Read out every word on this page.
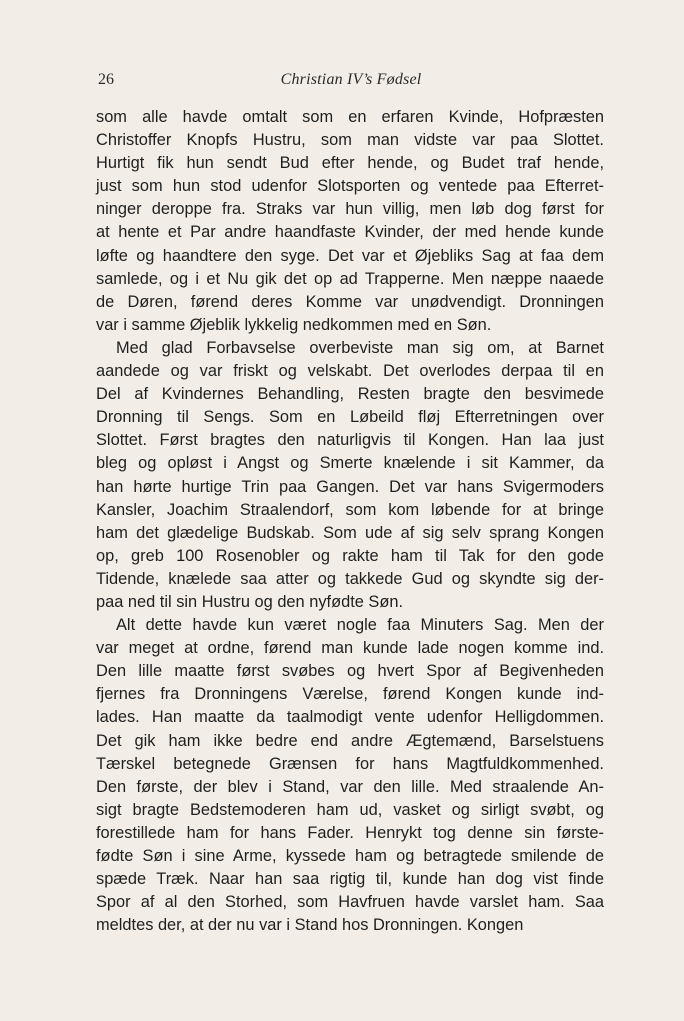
26	Christian IV’s Fødsel
som alle havde omtalt som en erfaren Kvinde, Hofpræsten
Christoffer Knopfs Hustru, som man vidste var paa Slottet.
Hurtigt fik hun sendt Bud efter hende, og Budet traf hende,
just som hun stod udenfor Slotsporten og ventede paa Efterret-
ninger deroppe fra. Straks var hun villig, men løb dog først for
at hente et Par andre haandfaste Kvinder, der med hende kunde
løfte og haandtere den syge. Det var et Øjebliks Sag at faa dem
samlede, og i et Nu gik det op ad Trapperne. Men næppe naaede
de Døren, førend deres Komme var unødvendigt. Dronningen
var i samme Øjeblik lykkelig nedkommen med en Søn.
Med glad Forbavselse overbeviste man sig om, at Barnet
aandede og var friskt og velskabt. Det overlodes derpaa til en
Del af Kvindernes Behandling, Resten bragte den besvimede
Dronning til Sengs. Som en Løbeild fløj Efterretningen over
Slottet. Først bragtes den naturligvis til Kongen. Han laa just
bleg og opløst i Angst og Smerte knælende i sit Kammer, da
han hørte hurtige Trin paa Gangen. Det var hans Svigermoders
Kansler, Joachim Straalendorf, som kom løbende for at bringe
ham det glædelige Budskab. Som ude af sig selv sprang Kongen
op, greb 100 Rosenobler og rakte ham til Tak for den gode
Tidende, knælede saa atter og takkede Gud og skyndte sig der-
paa ned til sin Hustru og den nyfødte Søn.
Alt dette havde kun været nogle faa Minuters Sag. Men der
var meget at ordne, førend man kunde lade nogen komme ind.
Den lille maatte først svøbes og hvert Spor af Begivenheden
fjernes fra Dronningens Værelse, førend Kongen kunde ind-
lades. Han maatte da taalmodigt vente udenfor Helligdommen.
Det gik ham ikke bedre end andre Ægtemænd, Barselstuens
Tærskel betegnede Grænsen for hans Magtfuldkommenhed.
Den første, der blev i Stand, var den lille. Med straalende An-
sigt bragte Bedstemoderen ham ud, vasket og sirligt svøbt, og
forestillede ham for hans Fader. Henrykt tog denne sin første-
fødte Søn i sine Arme, kyssede ham og betragtede smilende de
spæde Træk. Naar han saa rigtig til, kunde han dog vist finde
Spor af al den Storhed, som Havfruen havde varslet ham. Saa
meldtes der, at der nu var i Stand hos Dronningen. Kongen
